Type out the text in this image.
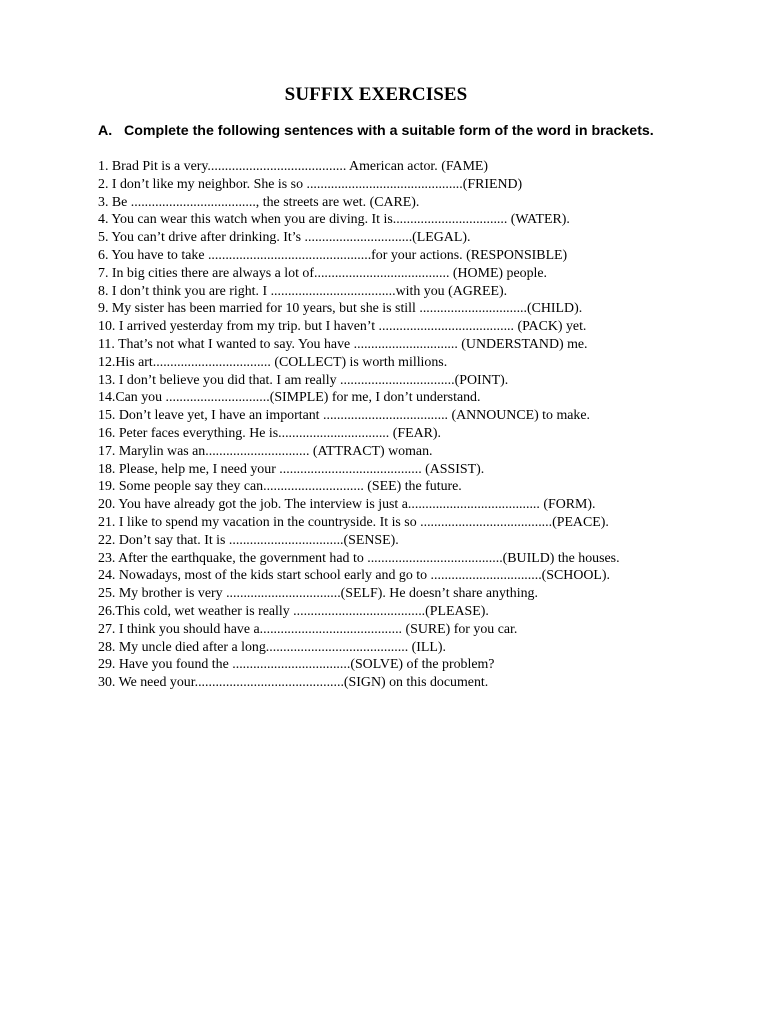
SUFFIX EXERCISES
A. Complete the following sentences with a suitable form of the word in brackets.
1. Brad Pit is a very........................................ American actor. (FAME)
2. I don’t like my neighbor. She is so .............................................(FRIEND)
3. Be ...................................., the streets are wet. (CARE).
4. You can wear this watch when you are diving. It is................................. (WATER).
5. You can’t drive after drinking. It’s ...............................(LEGAL).
6. You have to take ...............................................for your actions. (RESPONSIBLE)
7. In big cities there are always a lot of....................................... (HOME) people.
8. I don’t think you are right. I ....................................with you (AGREE).
9. My sister has been married for 10 years, but she is still ...............................(CHILD).
10. I arrived yesterday from my trip. but I haven’t ....................................... (PACK) yet.
11. That’s not what I wanted to say. You have .............................. (UNDERSTAND) me.
12.His art.................................. (COLLECT) is worth millions.
13. I don’t believe you did that. I am really .................................(POINT).
14.Can you ..............................(SIMPLE) for me, I don’t understand.
15. Don’t leave yet, I have an important .................................... (ANNOUNCE) to make.
16. Peter faces everything. He is................................ (FEAR).
17. Marylin was an.............................. (ATTRACT) woman.
18. Please, help me, I need your ......................................... (ASSIST).
19. Some people say they can............................. (SEE) the future.
20. You have already got the job. The interview is just a...................................... (FORM).
21. I like to spend my vacation in the countryside. It is so ......................................(PEACE).
22. Don’t say that. It is .................................(SENSE).
23. After the earthquake, the government had to .......................................(BUILD) the houses.
24. Nowadays, most of the kids start school early and go to ................................(SCHOOL).
25. My brother is very .................................(SELF). He doesn’t share anything.
26.This cold, wet weather is really ......................................(PLEASE).
27. I think you should have a......................................... (SURE) for you car.
28. My uncle died after a long......................................... (ILL).
29. Have you found the ..................................(SOLVE) of the problem?
30. We need your...........................................(SIGN) on this document.
